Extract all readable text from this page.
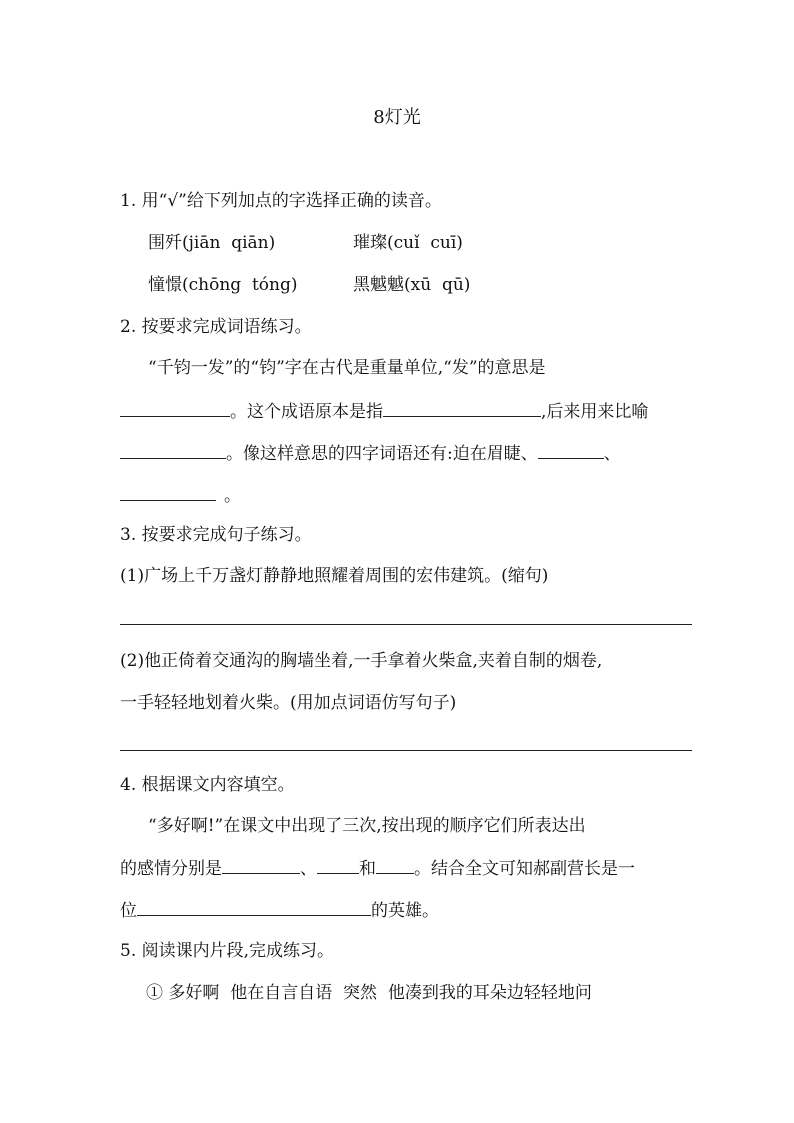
8灯光
1. 用“√”给下列加点的字选择正确的读音。
围歼(jiān  qiān)	璀璨(cuǐ  cuī)
憧憬(chōng  tóng)	黑魆魆(xū  qū)
2. 按要求完成词语练习。
“千钧一发”的“钧”字在古代是重量单位,“发”的意思是
。这个成语原本是指	,后来用来比喻
。像这样意思的四字词语还有:迫在眉睫、	、
。
3. 按要求完成句子练习。
(1)广场上千万盏灯静静地照耀着周围的宏伟建筑。(缩句)
(2)他正倚着交通沟的胸墙坐着,一手拿着火柴盒,夹着自制的烟卷,
一手轻轻地划着火柴。(用加点词语仿写句子)
4. 根据课文内容填空。
“多好啊!”在课文中出现了三次,按出现的顺序它们所表达出
的感情分别是	、 和 。结合全文可知郝副营长是一
位	的英雄。
5. 阅读课内片段,完成练习。
① 多好啊  他在自言自语  突然  他凑到我的耳朵边轻轻地问
